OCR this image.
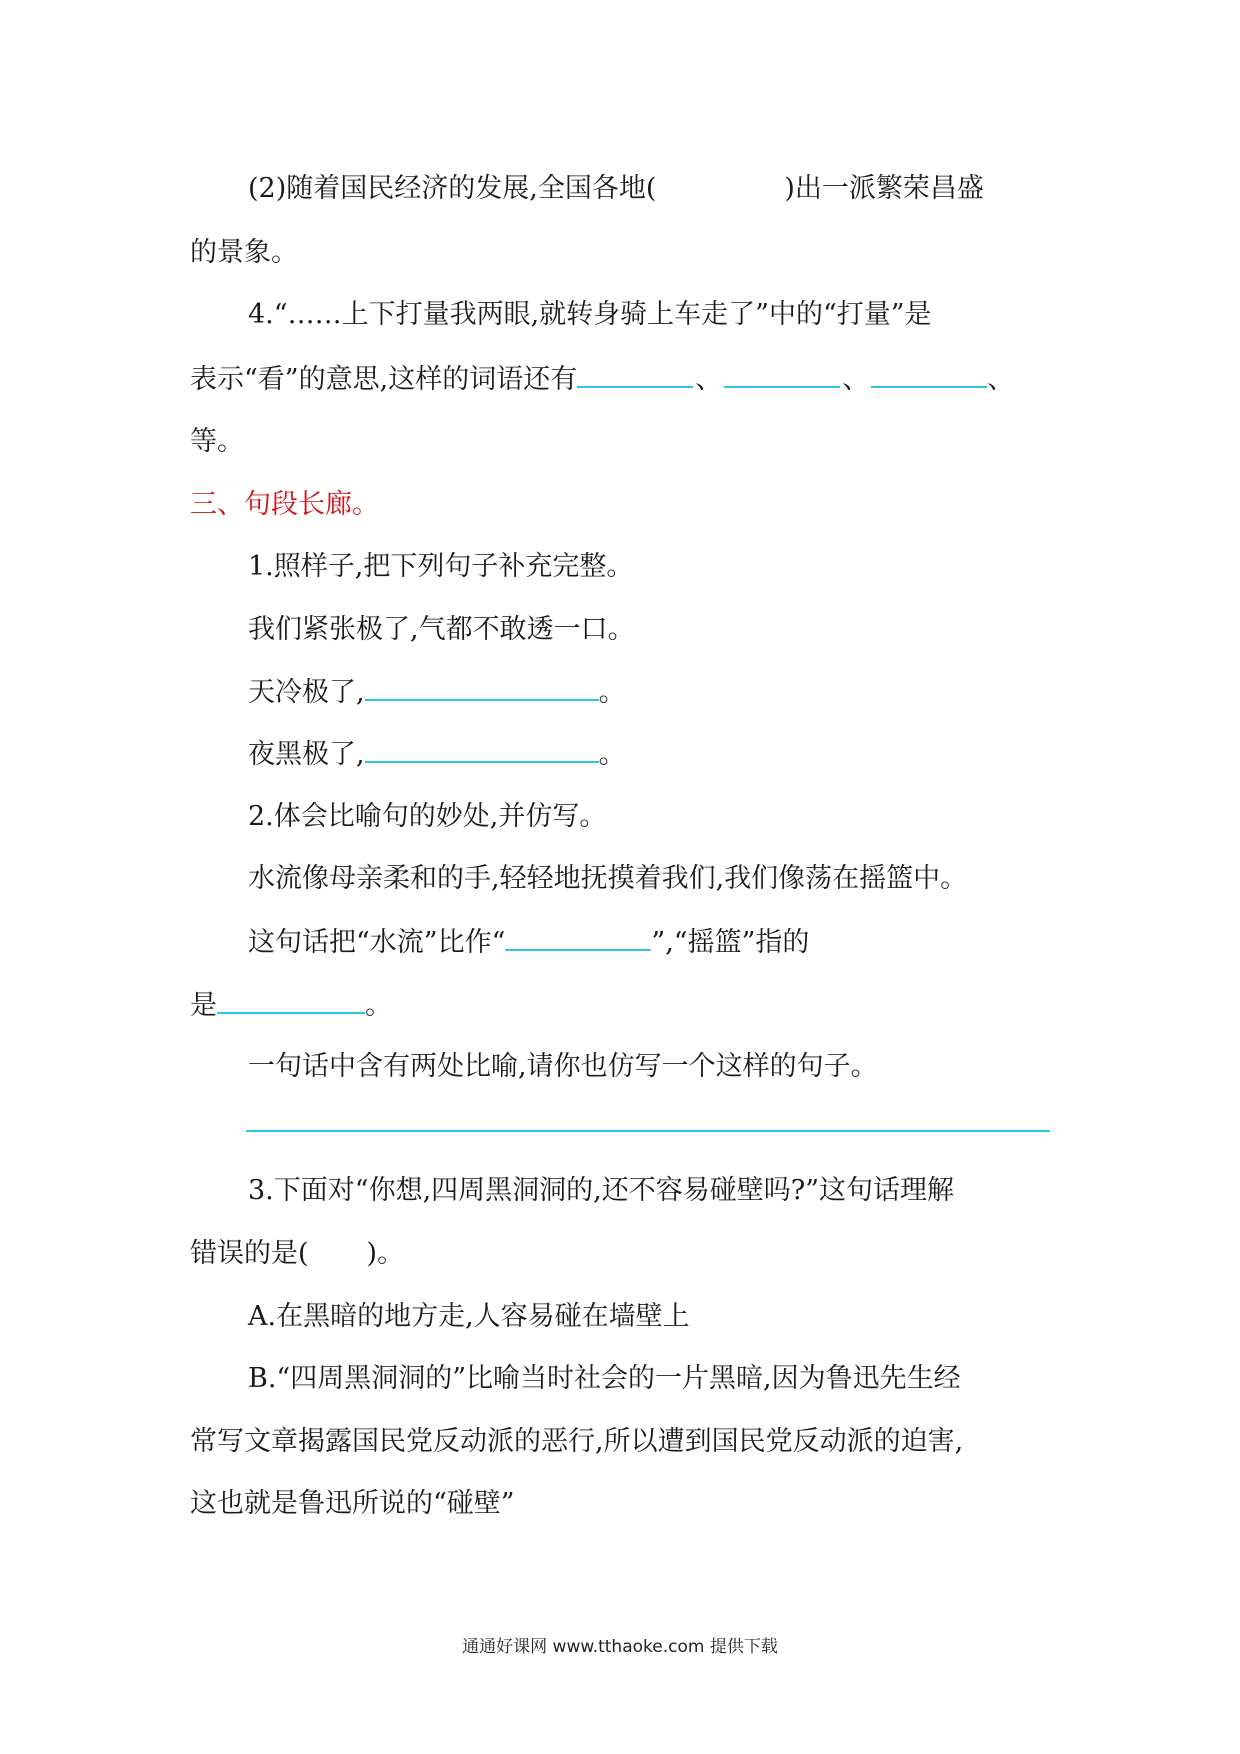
(2)随着国民经济的发展,全国各地(	)出一派繁荣昌盛
的景象。
4.“……上下打量我两眼,就转身骑上车走了”中的“打量”是
表示“看”的意思,这样的词语还有	、	、	、
等。
三、句段长廊。
1.照样子,把下列句子补充完整。
我们紧张极了,气都不敢透一口。
天冷极了,	。
夜黑极了,	。
2.体会比喻句的妙处,并仿写。
水流像母亲柔和的手,轻轻地抚摸着我们,我们像荡在摇篮中。
这句话把“水流”比作“	”,“摇篮”指的
是	。
一句话中含有两处比喻,请你也仿写一个这样的句子。
3.下面对“你想,四周黑洞洞的,还不容易碰壁吗?”这句话理解
错误的是( )。
A.在黑暗的地方走,人容易碰在墙壁上
B.“四周黑洞洞的”比喻当时社会的一片黑暗,因为鲁迅先生经
常写文章揭露国民党反动派的恶行,所以遭到国民党反动派的迫害,
这也就是鲁迅所说的“碰壁”
通通好课网 www.tthaoke.com 提供下载
